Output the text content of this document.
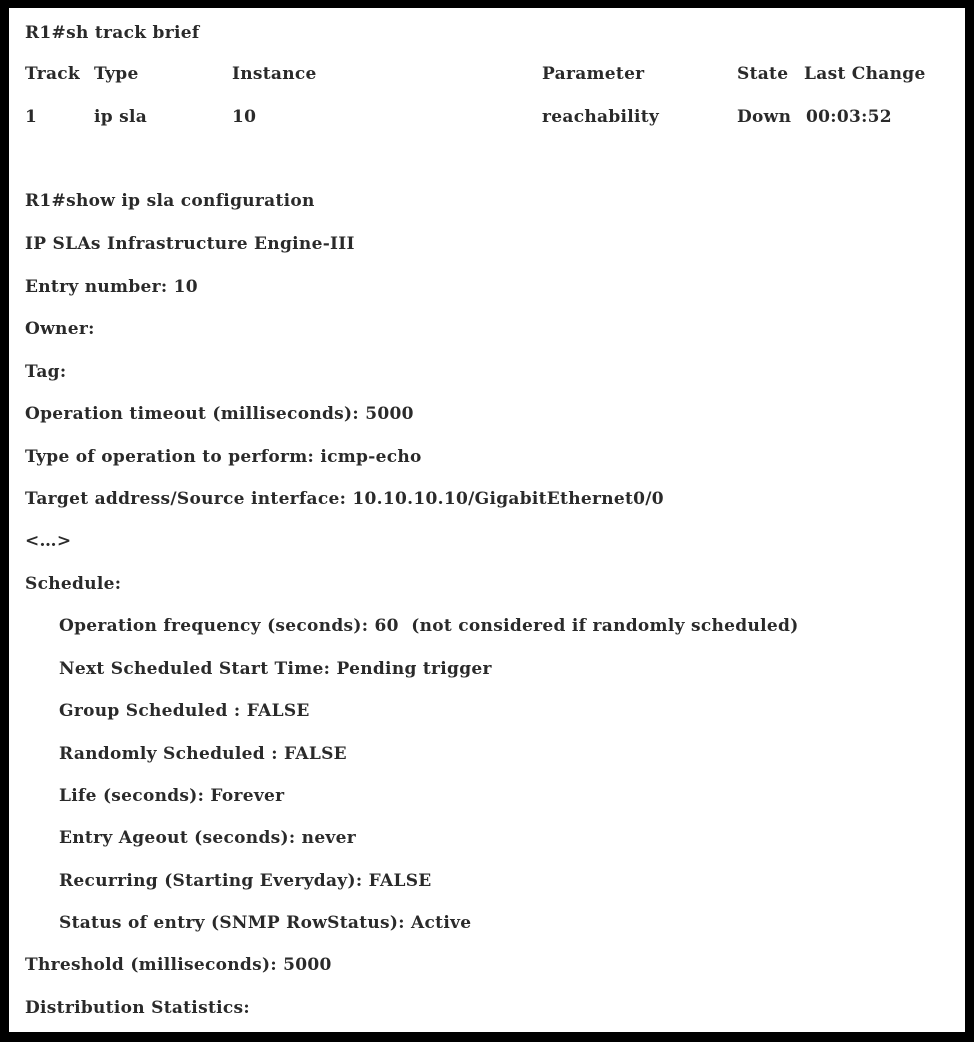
R1#sh track brief
Track Type	Instance	Parameter	State Last Change
1	ip sla	10	reachability	Down 00:03:52
R1#show ip sla configuration
IP SLAs Infrastructure Engine-III
Entry number: 10
Owner:
Tag:
Operation timeout (milliseconds): 5000
Type of operation to perform: icmp-echo
Target address/Source interface: 10.10.10.10/GigabitEthernet0/0
<…>
Schedule:
Operation frequency (seconds): 60  (not considered if randomly scheduled)
Next Scheduled Start Time: Pending trigger
Group Scheduled : FALSE
Randomly Scheduled : FALSE
Life (seconds): Forever
Entry Ageout (seconds): never
Recurring (Starting Everyday): FALSE
Status of entry (SNMP RowStatus): Active
Threshold (milliseconds): 5000
Distribution Statistics:
